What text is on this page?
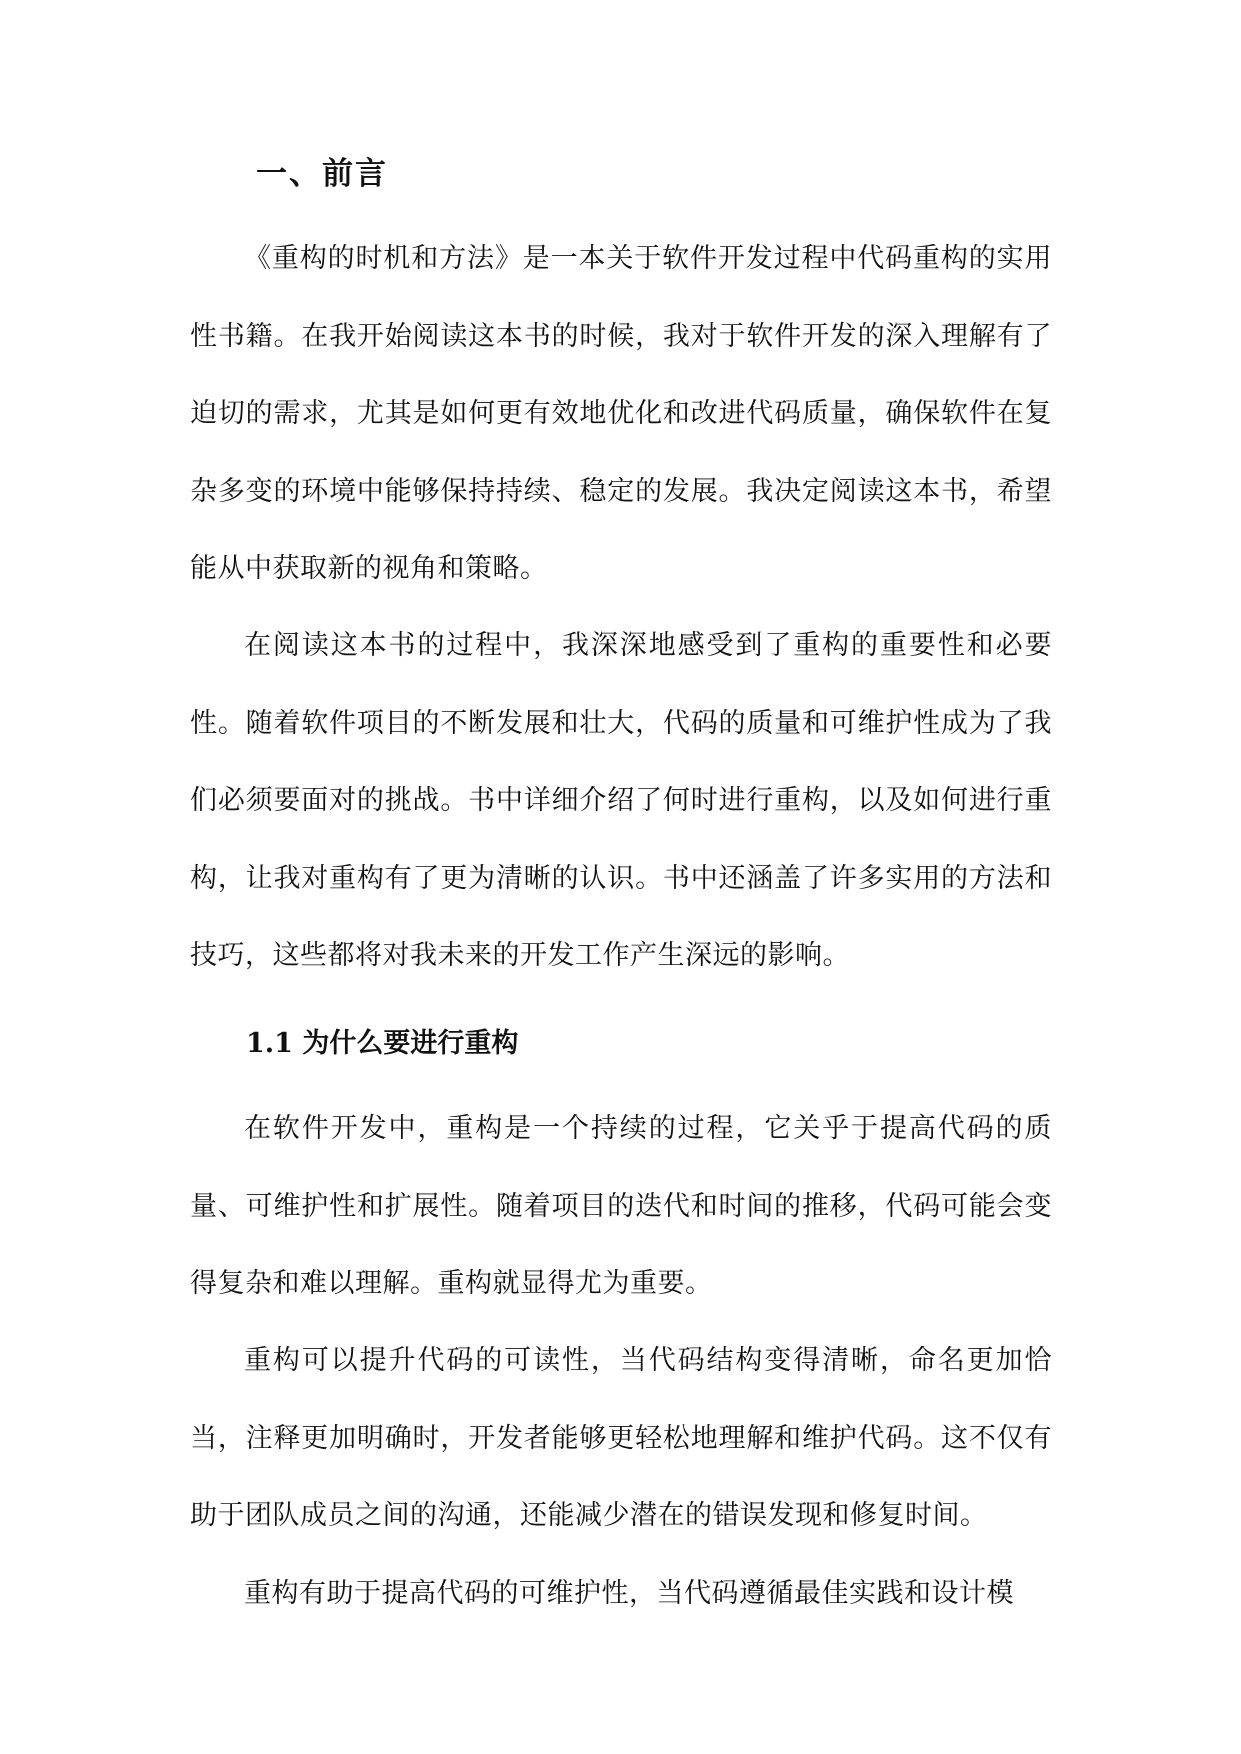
一、前言

《重构的时机和方法》是一本关于软件开发过程中代码重构的实用性书籍。在我开始阅读这本书的时候，我对于软件开发的深入理解有了迫切的需求，尤其是如何更有效地优化和改进代码质量，确保软件在复杂多变的环境中能够保持持续、稳定的发展。我决定阅读这本书，希望能从中获取新的视角和策略。

在阅读这本书的过程中，我深深地感受到了重构的重要性和必要性。随着软件项目的不断发展和壮大，代码的质量和可维护性成为了我们必须要面对的挑战。书中详细介绍了何时进行重构，以及如何进行重构，让我对重构有了更为清晰的认识。书中还涵盖了许多实用的方法和技巧，这些都将对我未来的开发工作产生深远的影响。

1.1 为什么要进行重构

在软件开发中，重构是一个持续的过程，它关乎于提高代码的质量、可维护性和扩展性。随着项目的迭代和时间的推移，代码可能会变得复杂和难以理解。重构就显得尤为重要。

重构可以提升代码的可读性，当代码结构变得清晰，命名更加恰当，注释更加明确时，开发者能够更轻松地理解和维护代码。这不仅有助于团队成员之间的沟通，还能减少潜在的错误发现和修复时间。

重构有助于提高代码的可维护性，当代码遵循最佳实践和设计模
